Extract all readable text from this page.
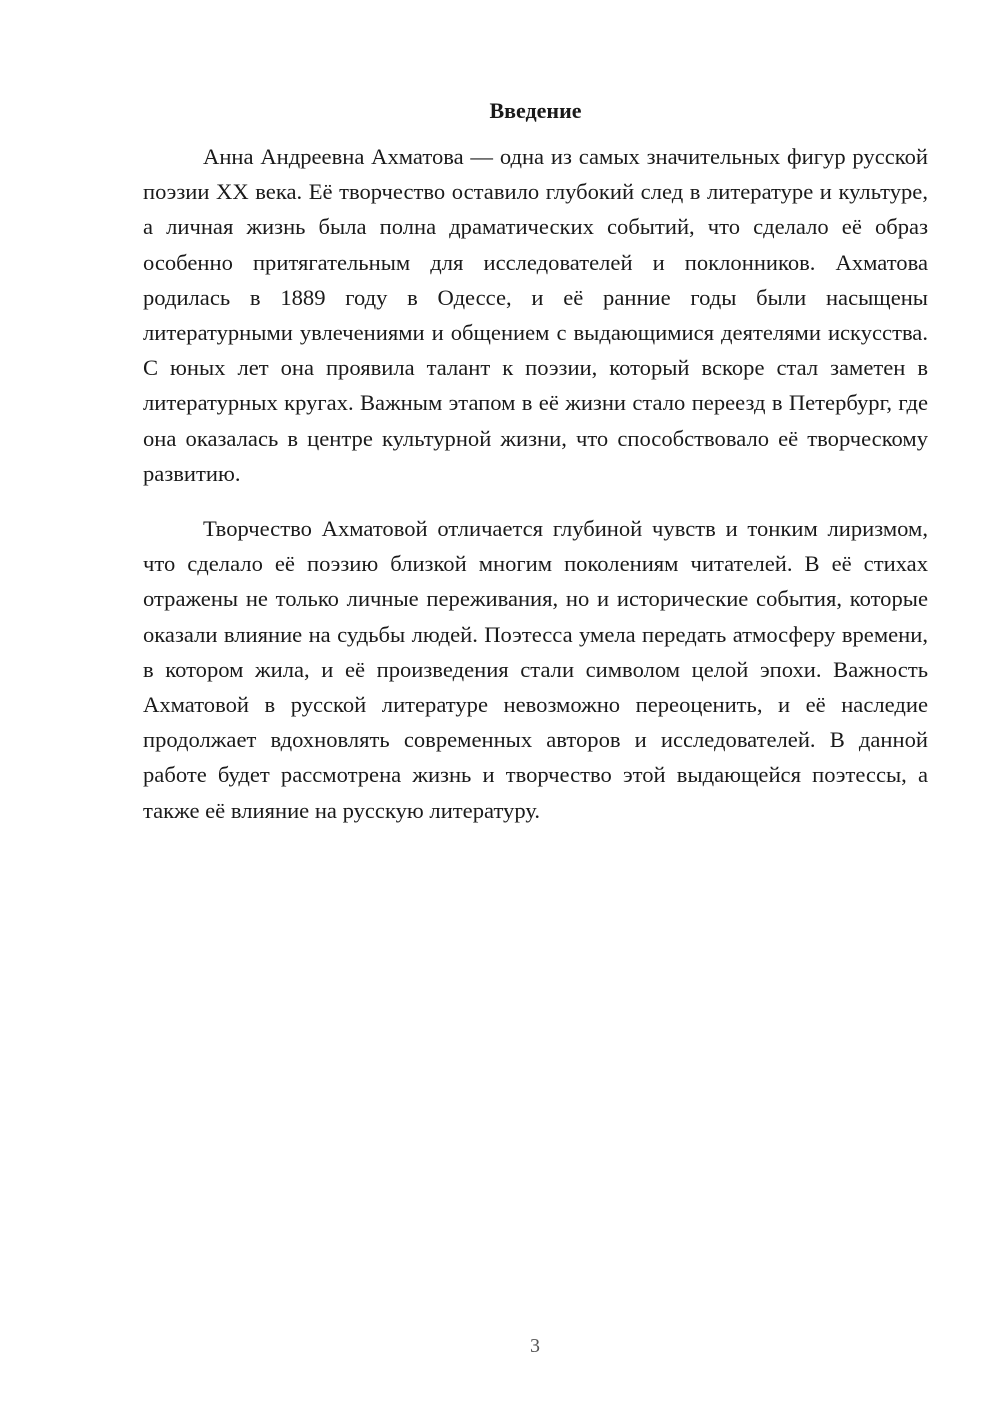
Введение

Анна Андреевна Ахматова — одна из самых значительных фигур русской поэзии XX века. Её творчество оставило глубокий след в литературе и культуре, а личная жизнь была полна драматических событий, что сделало её образ особенно притягательным для исследователей и поклонников. Ахматова родилась в 1889 году в Одессе, и её ранние годы были насыщены литературными увлечениями и общением с выдающимися деятелями искусства. С юных лет она проявила талант к поэзии, который вскоре стал заметен в литературных кругах. Важным этапом в её жизни стало переезд в Петербург, где она оказалась в центре культурной жизни, что способствовало её творческому развитию.

Творчество Ахматовой отличается глубиной чувств и тонким лиризмом, что сделало её поэзию близкой многим поколениям читателей. В её стихах отражены не только личные переживания, но и исторические события, которые оказали влияние на судьбы людей. Поэтесса умела передать атмосферу времени, в котором жила, и её произведения стали символом целой эпохи. Важность Ахматовой в русской литературе невозможно переоценить, и её наследие продолжает вдохновлять современных авторов и исследователей. В данной работе будет рассмотрена жизнь и творчество этой выдающейся поэтессы, а также её влияние на русскую литературу.

3
